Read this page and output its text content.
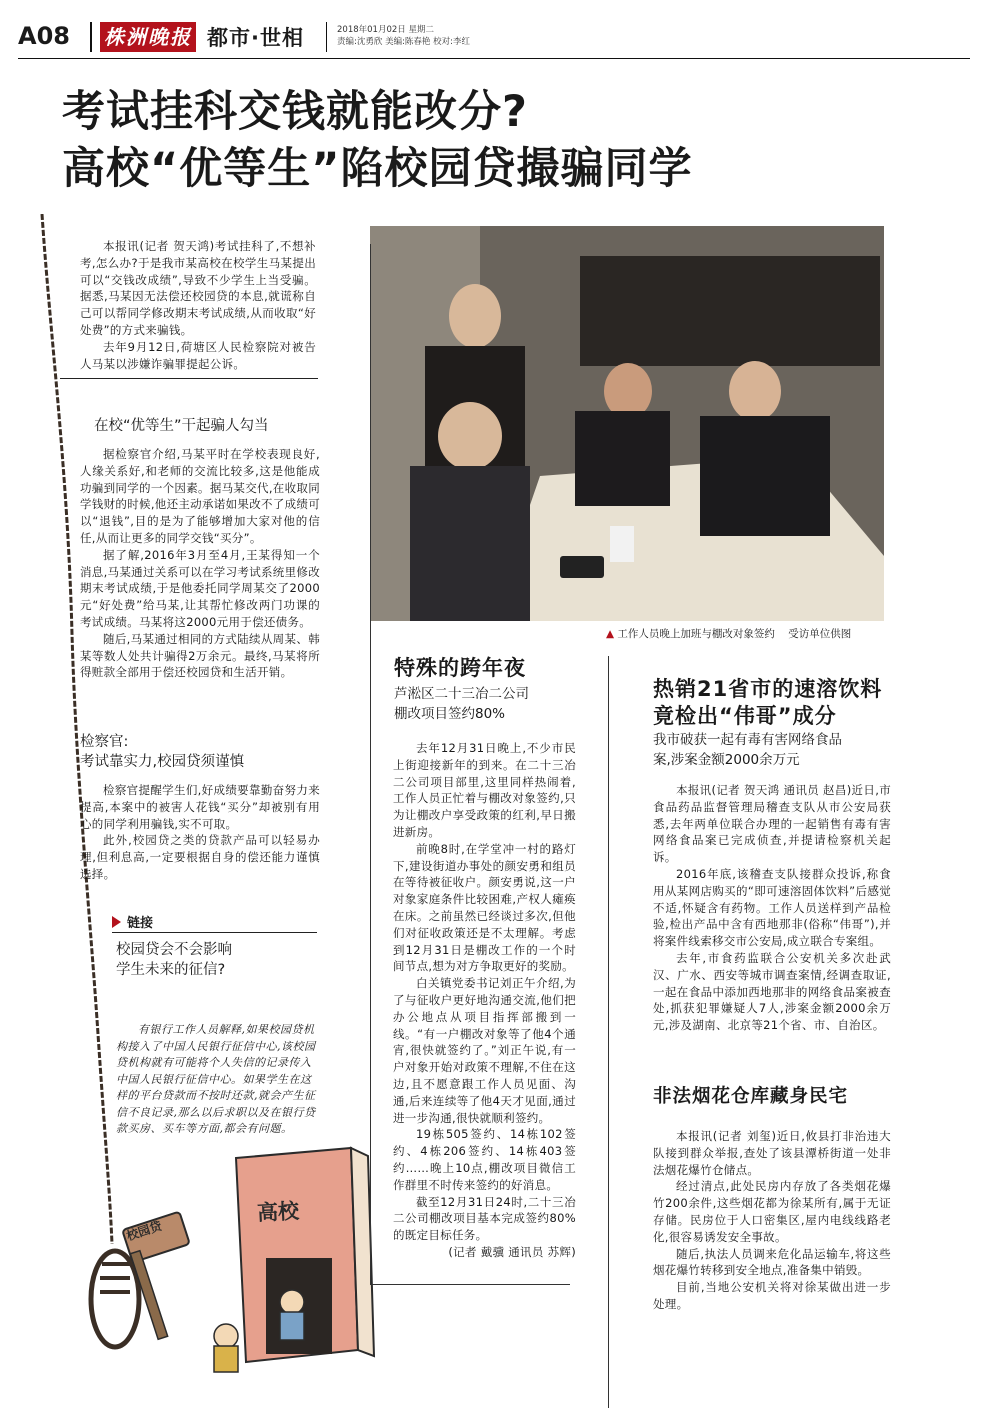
A08 株洲晚报 都市·世相	2018年01月02日 星期二
责编:沈勇欣 美编:陈春艳 校对:李红
考试挂科交钱就能改分?
高校“优等生”陷校园贷撮骗同学

本报讯(记者 贺天鸿)考试挂科了,不想补考,怎么办?于是我市某高校在校学生马某提出可以“交钱改成绩”,导致不少学生上当受骗。据悉,马某因无法偿还校园贷的本息,就谎称自己可以帮同学修改期末考试成绩,从而收取“好处费”的方式来骗钱。

去年9月12日,荷塘区人民检察院对被告人马某以涉嫌诈骗罪提起公诉。

在校“优等生”干起骗人勾当

据检察官介绍,马某平时在学校表现良好,人缘关系好,和老师的交流比较多,这是他能成功骗到同学的一个因素。据马某交代,在收取同学钱财的时候,他还主动承诺如果改不了成绩可以“退钱”,目的是为了能够增加大家对他的信任,从而让更多的同学交钱“买分”。

据了解,2016年3月至4月,王某得知一个消息,马某通过关系可以在学习考试系统里修改期末考试成绩,于是他委托同学周某交了2000元“好处费”给马某,让其帮忙修改两门功课的考试成绩。马某将这2000元用于偿还债务。

随后,马某通过相同的方式陆续从周某、韩某等数人处共计骗得2万余元。最终,马某将所得赃款全部用于偿还校园贷和生活开销。

检察官:
考试靠实力,校园贷须谨慎

检察官提醒学生们,好成绩要靠勤奋努力来提高,本案中的被害人花钱“买分”却被别有用心的同学利用骗钱,实不可取。

此外,校园贷之类的贷款产品可以轻易办理,但利息高,一定要根据自身的偿还能力谨慎选择。

链接
校园贷会不会影响
学生未来的征信?

有银行工作人员解释,如果校园贷机构接入了中国人民银行征信中心,该校园贷机构就有可能将个人失信的记录传入中国人民银行征信中心。如果学生在这样的平台贷款而不按时还款,就会产生征信不良记录,那么以后求职以及在银行贷款买房、买车等方面,都会有问题。

高校
校园贷
▲ 工作人员晚上加班与棚改对象签约 受访单位供图
特殊的跨年夜
芦淞区二十三冶二公司
棚改项目签约80%

去年12月31日晚上,不少市民上街迎接新年的到来。在二十三冶二公司项目部里,这里同样热闹着,工作人员正忙着与棚改对象签约,只为让棚改户享受政策的红利,早日搬进新房。

前晚8时,在学堂冲一村的路灯下,建设街道办事处的颜安勇和组员在等待被征收户。颜安勇说,这一户对象家庭条件比较困难,产权人瘫痪在床。之前虽然已经谈过多次,但他们对征收政策还是不太理解。考虑到12月31日是棚改工作的一个时间节点,想为对方争取更好的奖励。

白关镇党委书记刘正午介绍,为了与征收户更好地沟通交流,他们把办公地点从项目指挥部搬到一线。“有一户棚改对象等了他4个通宵,很快就签约了。”刘正午说,有一户对象开始对政策不理解,不住在这边,且不愿意跟工作人员见面、沟通,后来连续等了他4天才见面,通过进一步沟通,很快就顺利签约。

19栋505签约、14栋102签约、4栋206签约、14栋403签约……晚上10点,棚改项目微信工作群里不时传来签约的好消息。

截至12月31日24时,二十三冶二公司棚改项目基本完成签约80%的既定目标任务。

(记者 戴骥 通讯员 苏辉)

热销21省市的速溶饮料
竟检出“伟哥”成分
我市破获一起有毒有害网络食品
案,涉案金额2000余万元

本报讯(记者 贺天鸿 通讯员 赵昌)近日,市食品药品监督管理局稽查支队从市公安局获悉,去年两单位联合办理的一起销售有毒有害网络食品案已完成侦查,并提请检察机关起诉。

2016年底,该稽查支队接群众投诉,称食用从某网店购买的“即可速溶固体饮料”后感觉不适,怀疑含有药物。工作人员送样到产品检验,检出产品中含有西地那非(俗称“伟哥”),并将案件线索移交市公安局,成立联合专案组。

去年,市食药监联合公安机关多次赴武汉、广水、西安等城市调查案情,经调查取证,一起在食品中添加西地那非的网络食品案被查处,抓获犯罪嫌疑人7人,涉案金额2000余万元,涉及湖南、北京等21个省、市、自治区。

非法烟花仓库藏身民宅

本报讯(记者 刘玺)近日,攸县打非治违大队接到群众举报,查处了该县潭桥街道一处非法烟花爆竹仓储点。

经过清点,此处民房内存放了各类烟花爆竹200余件,这些烟花都为徐某所有,属于无证存储。民房位于人口密集区,屋内电线线路老化,很容易诱发安全事故。

随后,执法人员调来危化品运输车,将这些烟花爆竹转移到安全地点,准备集中销毁。

目前,当地公安机关将对徐某做出进一步处理。
